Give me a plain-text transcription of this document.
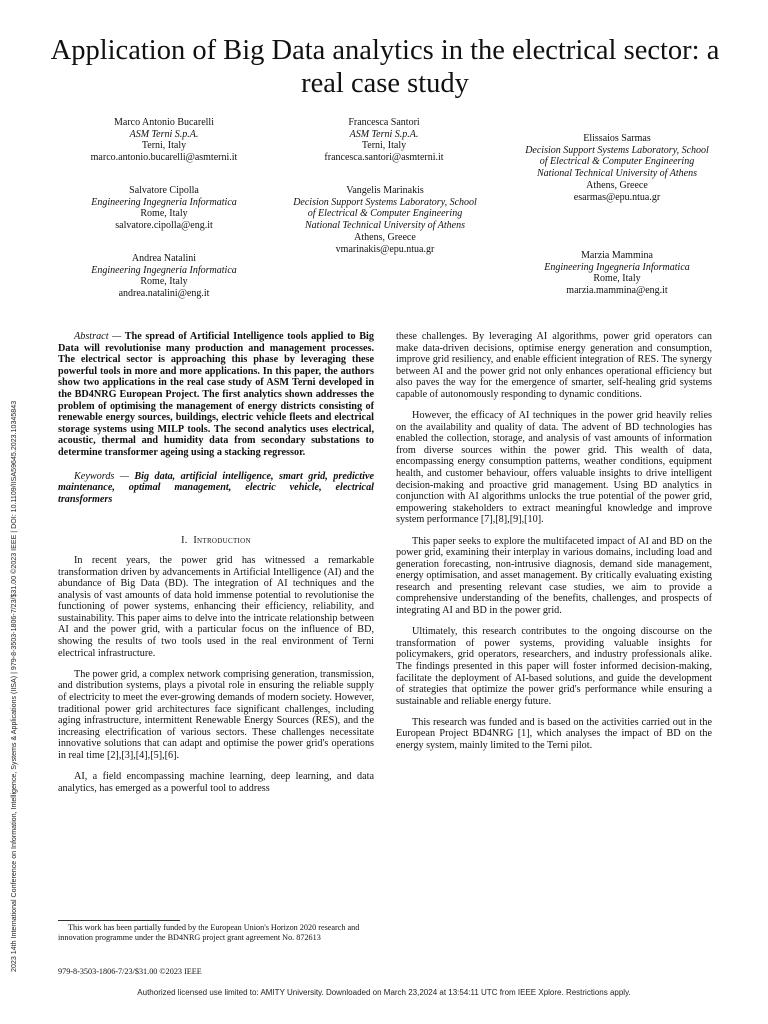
2023 14th International Conference on Information, Intelligence, Systems & Applications (IISA) | 979-8-3503-1806-7/23/$31.00 ©2023 IEEE | DOI: 10.1109/IISA59645.2023.10345843
Application of Big Data analytics in the electrical sector: a real case study
Marco Antonio Bucarelli
ASM Terni S.p.A.
Terni, Italy
marco.antonio.bucarelli@asmterni.it
Francesca Santori
ASM Terni S.p.A.
Terni, Italy
francesca.santori@asmterni.it
Elissaios Sarmas
Decision Support Systems Laboratory, School of Electrical & Computer Engineering National Technical University of Athens
Athens, Greece
esarmas@epu.ntua.gr
Salvatore Cipolla
Engineering Ingegneria Informatica
Rome, Italy
salvatore.cipolla@eng.it
Vangelis Marinakis
Decision Support Systems Laboratory, School of Electrical & Computer Engineering National Technical University of Athens
Athens, Greece
vmarinakis@epu.ntua.gr
Andrea Natalini
Engineering Ingegneria Informatica
Rome, Italy
andrea.natalini@eng.it
Marzia Mammina
Engineering Ingegneria Informatica
Rome, Italy
marzia.mammina@eng.it

Abstract — The spread of Artificial Intelligence tools applied to Big Data will revolutionise many production and management processes. The electrical sector is approaching this phase by leveraging these powerful tools in more and more applications. In this paper, the authors show two applications in the real case study of ASM Terni developed in the BD4NRG European Project. The first analytics shown addresses the problem of optimising the management of energy districts consisting of renewable energy sources, buildings, electric vehicle fleets and electrical storage systems using MILP tools. The second analytics uses electrical, acoustic, thermal and humidity data from secondary substations to determine transformer ageing using a stacking regressor.

Keywords — Big data, artificial intelligence, smart grid, predictive maintenance, optimal management, electric vehicle, electrical transformers

I. Introduction

In recent years, the power grid has witnessed a remarkable transformation driven by advancements in Artificial Intelligence (AI) and the abundance of Big Data (BD). The integration of AI techniques and the analysis of vast amounts of data hold immense potential to revolutionise the functioning of power systems, enhancing their efficiency, reliability, and sustainability. This paper aims to delve into the intricate relationship between AI and the power grid, with a particular focus on the influence of BD, showing the results of two tools used in the real environment of Terni electrical infrastructure.

The power grid, a complex network comprising generation, transmission, and distribution systems, plays a pivotal role in ensuring the reliable supply of electricity to meet the ever-growing demands of modern society. However, traditional power grid architectures face significant challenges, including aging infrastructure, intermittent Renewable Energy Sources (RES), and the increasing electrification of various sectors. These challenges necessitate innovative solutions that can adapt and optimise the power grid's operations in real time [2],[3],[4],[5],[6].

AI, a field encompassing machine learning, deep learning, and data analytics, has emerged as a powerful tool to address

these challenges. By leveraging AI algorithms, power grid operators can make data-driven decisions, optimise energy generation and consumption, improve grid resiliency, and enable efficient integration of RES. The synergy between AI and the power grid not only enhances operational efficiency but also paves the way for the emergence of smarter, self-healing grid systems capable of autonomously responding to dynamic conditions.

However, the efficacy of AI techniques in the power grid heavily relies on the availability and quality of data. The advent of BD technologies has enabled the collection, storage, and analysis of vast amounts of information from diverse sources within the power grid. This wealth of data, encompassing energy consumption patterns, weather conditions, equipment health, and customer behaviour, offers valuable insights to drive intelligent decision-making and proactive grid management. Using BD analytics in conjunction with AI algorithms unlocks the true potential of the power grid, empowering stakeholders to extract meaningful knowledge and improve system performance [7],[8],[9],[10].

This paper seeks to explore the multifaceted impact of AI and BD on the power grid, examining their interplay in various domains, including load and generation forecasting, non-intrusive diagnosis, demand side management, energy optimisation, and asset management. By critically evaluating existing research and presenting relevant case studies, we aim to provide a comprehensive understanding of the benefits, challenges, and prospects of integrating AI and BD in the power grid.

Ultimately, this research contributes to the ongoing discourse on the transformation of power systems, providing valuable insights for policymakers, grid operators, researchers, and industry professionals alike. The findings presented in this paper will foster informed decision-making, facilitate the deployment of AI-based solutions, and guide the development of strategies that optimize the power grid's performance while ensuring a sustainable and reliable energy future.

This research was funded and is based on the activities carried out in the European Project BD4NRG [1], which analyses the impact of BD on the energy system, mainly limited to the Terni pilot.

This work has been partially funded by the European Union's Horizon 2020 research and innovation programme under the BD4NRG project grant agreement No. 872613
979-8-3503-1806-7/23/$31.00 ©2023 IEEE
Authorized licensed use limited to: AMITY University. Downloaded on March 23,2024 at 13:54:11 UTC from IEEE Xplore. Restrictions apply.
